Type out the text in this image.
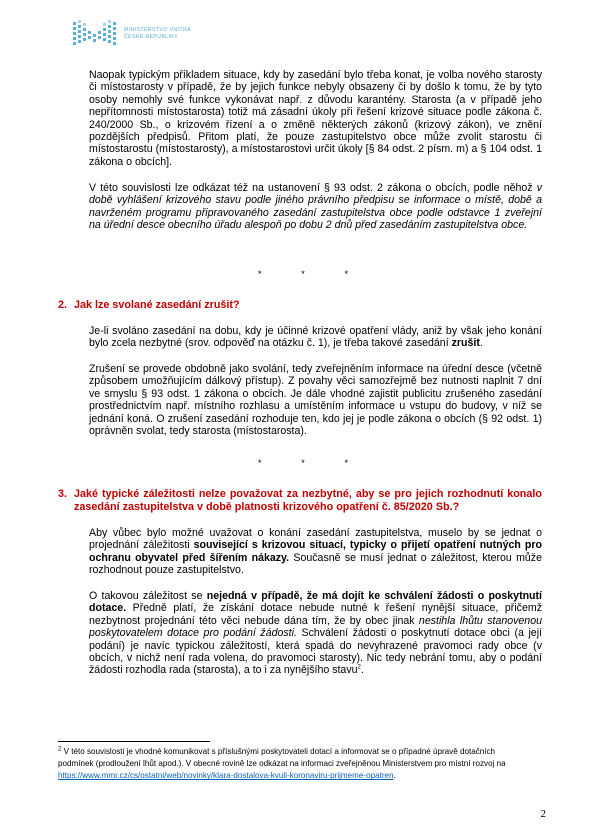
MINISTERSTVO VNITRA
ČESKÉ REPUBLIKY

Naopak typickým příkladem situace, kdy by zasedání bylo třeba konat, je volba nového starosty či místostarosty v případě, že by jejich funkce nebyly obsazeny či by došlo k tomu, že by tyto osoby nemohly své funkce vykonávat např. z důvodu karantény. Starosta (a v případě jeho nepřítomnosti místostarosta) totiž má zásadní úkoly při řešení krizové situace podle zákona č. 240/2000 Sb., o krizovém řízení a o změně některých zákonů (krizový zákon), ve znění pozdějších předpisů. Přitom platí, že pouze zastupitelstvo obce může zvolit starostu či místostarostu (místostarosty), a místostarostovi určit úkoly [§ 84 odst. 2 písm. m) a § 104 odst. 1 zákona o obcích].

V této souvislosti lze odkázat též na ustanovení § 93 odst. 2 zákona o obcích, podle něhož v době vyhlášení krizového stavu podle jiného právního předpisu se informace o místě, době a navrženém programu připravovaného zasedání zastupitelstva obce podle odstavce 1 zveřejní na úřední desce obecního úřadu alespoň po dobu 2 dnů před zasedáním zastupitelstva obce.

*	*	*
2. Jak lze svolané zasedání zrušit?

Je-li svoláno zasedání na dobu, kdy je účinné krizové opatření vlády, aniž by však jeho konání bylo zcela nezbytné (srov. odpověď na otázku č. 1), je třeba takové zasedání zrušit.

Zrušení se provede obdobně jako svolání, tedy zveřejněním informace na úřední desce (včetně způsobem umožňujícím dálkový přístup). Z povahy věci samozřejmě bez nutnosti naplnit 7 dní ve smyslu § 93 odst. 1 zákona o obcích. Je dále vhodné zajistit publicitu zrušeného zasedání prostřednictvím např. místního rozhlasu a umístěním informace u vstupu do budovy, v níž se jednání koná. O zrušení zasedání rozhoduje ten, kdo jej je podle zákona o obcích (§ 92 odst. 1) oprávněn svolat, tedy starosta (místostarosta).

*	*	*
3. Jaké typické záležitosti nelze považovat za nezbytné, aby se pro jejich rozhodnutí konalo zasedání zastupitelstva v době platnosti krizového opatření č. 85/2020 Sb.?

Aby vůbec bylo možné uvažovat o konání zasedání zastupitelstva, muselo by se jednat o projednání záležitosti související s krizovou situací, typicky o přijetí opatření nutných pro ochranu obyvatel před šířením nákazy. Současně se musí jednat o záležitost, kterou může rozhodnout pouze zastupitelstvo.

O takovou záležitost se nejedná v případě, že má dojít ke schválení žádosti o poskytnutí dotace. Předně platí, že získání dotace nebude nutné k řešení nynější situace, přičemž nezbytnost projednání této věci nebude dána tím, že by obec jinak nestihla lhůtu stanovenou poskytovatelem dotace pro podání žádosti. Schválení žádosti o poskytnutí dotace obci (a její podání) je navíc typickou záležitostí, která spadá do nevyhrazené pravomoci rady obce (v obcích, v nichž není rada volena, do pravomoci starosty). Nic tedy nebrání tomu, aby o podání žádosti rozhodla rada (starosta), a to i za nynějšího stavu$^2$.

$^2$ V této souvislosti je vhodné komunikovat s příslušnými poskytovateli dotací a informovat se o případné úpravě dotačních podmínek (prodloužení lhůt apod.). V obecné rovině lze odkázat na informaci zveřejněnou Ministerstvem pro místní rozvoj na https://www.mmr.cz/cs/ostatni/web/novinky/klara-dostalova-kvuli-koronaviru-prijmeme-opatren.
2
